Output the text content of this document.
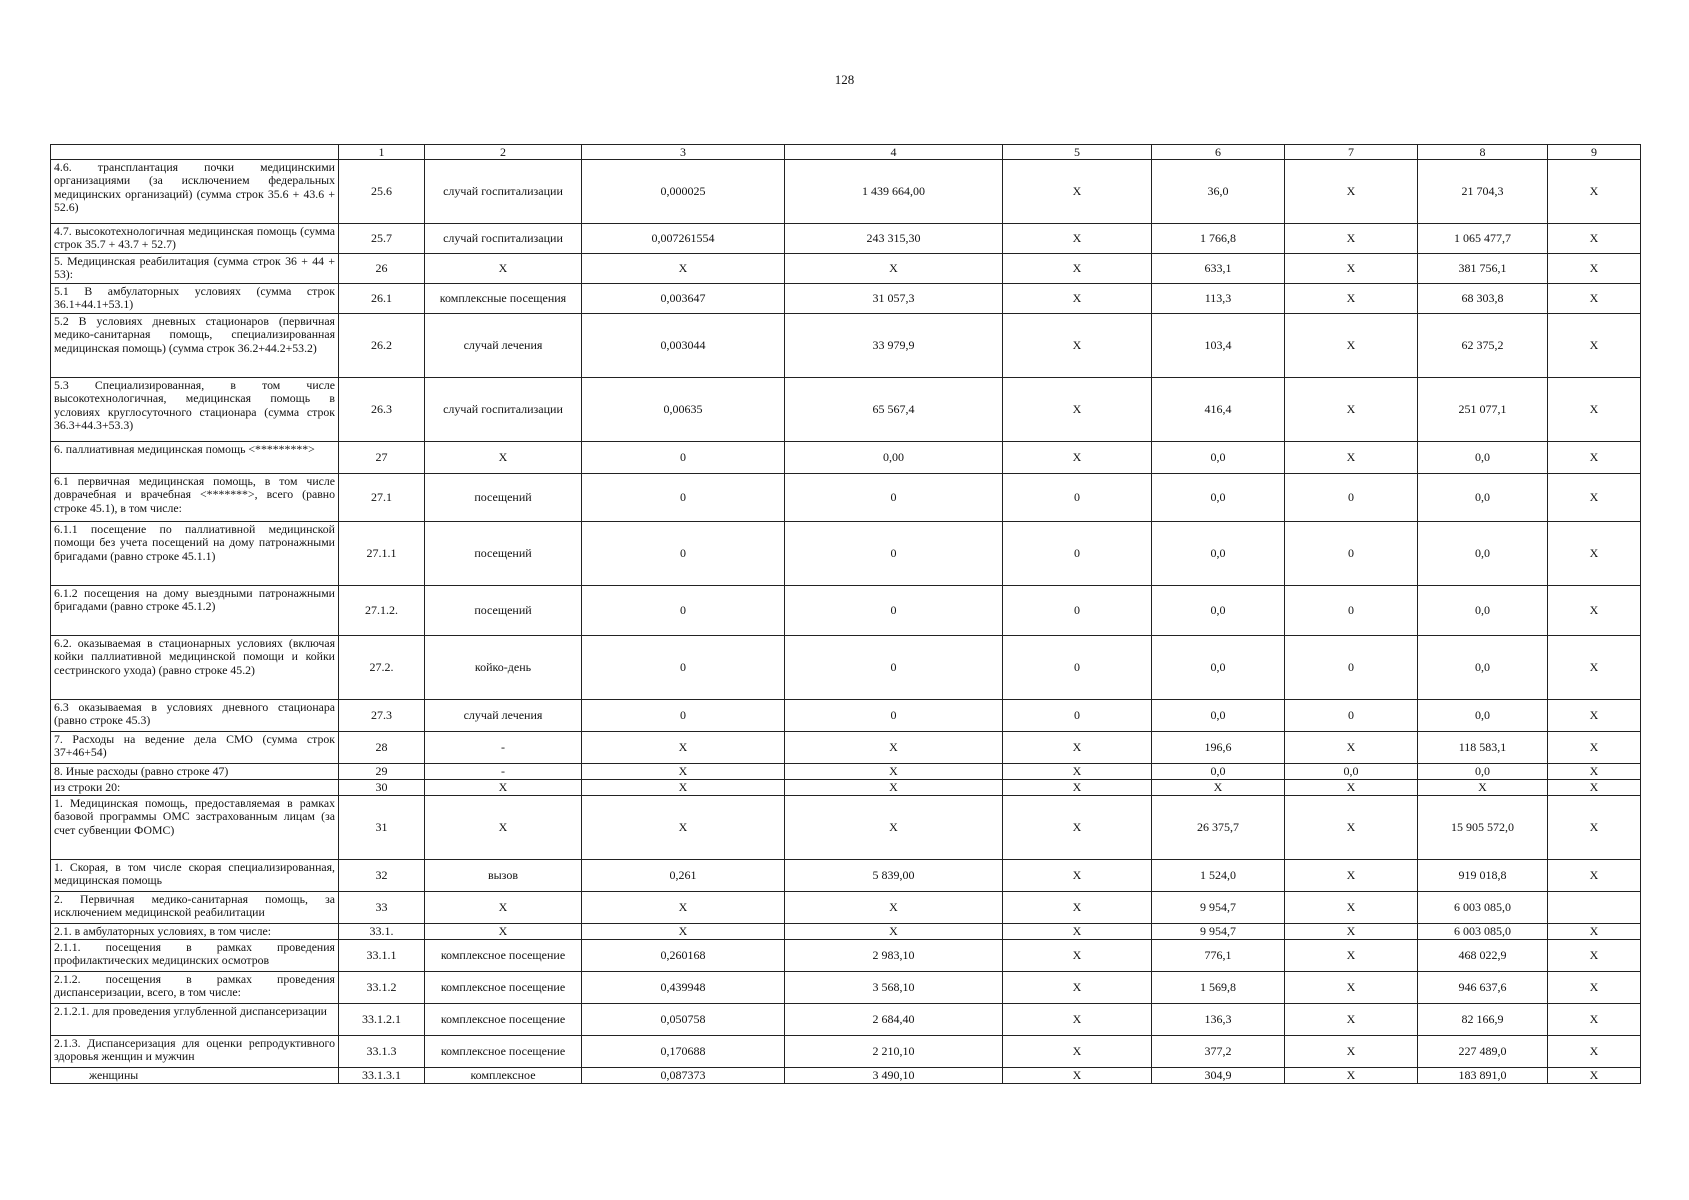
128
	1	2	3	4	5	6	7	8	9
4.6. трансплантация почки медицинскими организациями (за исключением федеральных медицинских организаций) (сумма строк 35.6 + 43.6 + 52.6)	25.6	случай госпитализации	0,000025	1 439 664,00	X	36,0	X	21 704,3	X
4.7. высокотехнологичная медицинская помощь (сумма строк 35.7 + 43.7 + 52.7)	25.7	случай госпитализации	0,007261554	243 315,30	X	1 766,8	X	1 065 477,7	X
5. Медицинская реабилитация (сумма строк 36 + 44 + 53):	26	X	X	X	X	633,1	X	381 756,1	X
5.1 В амбулаторных условиях (сумма строк 36.1+44.1+53.1)	26.1	комплексные посещения	0,003647	31 057,3	X	113,3	X	68 303,8	X
5.2 В условиях дневных стационаров (первичная медико-санитарная помощь, специализированная медицинская помощь) (сумма строк 36.2+44.2+53.2)	26.2	случай лечения	0,003044	33 979,9	X	103,4	X	62 375,2	X
5.3 Специализированная, в том числе высокотехнологичная, медицинская помощь в условиях круглосуточного стационара (сумма строк 36.3+44.3+53.3)	26.3	случай госпитализации	0,00635	65 567,4	X	416,4	X	251 077,1	X
6. паллиативная медицинская помощь <*********>	27	X	0	0,00	X	0,0	X	0,0	X
6.1 первичная медицинская помощь, в том числе доврачебная и врачебная <*******>, всего (равно строке 45.1), в том числе:	27.1	посещений	0	0	0	0,0	0	0,0	X
6.1.1 посещение по паллиативной медицинской помощи без учета посещений на дому патронажными бригадами (равно строке 45.1.1)	27.1.1	посещений	0	0	0	0,0	0	0,0	X
6.1.2 посещения на дому выездными патронажными бригадами (равно строке 45.1.2)	27.1.2.	посещений	0	0	0	0,0	0	0,0	X
6.2. оказываемая в стационарных условиях (включая койки паллиативной медицинской помощи и койки сестринского ухода) (равно строке 45.2)	27.2.	койко-день	0	0	0	0,0	0	0,0	X
6.3 оказываемая в условиях дневного стационара (равно строке 45.3)	27.3	случай лечения	0	0	0	0,0	0	0,0	X
7. Расходы на ведение дела СМО (сумма строк 37+46+54)	28	-	X	X	X	196,6	X	118 583,1	X
8. Иные расходы (равно строке 47)	29	-	X	X	X	0,0	0,0	0,0	X
из строки 20:	30	X	X	X	X	X	X	X	X
1. Медицинская помощь, предоставляемая в рамках базовой программы ОМС застрахованным лицам (за счет субвенции ФОМС)	31	X	X	X	X	26 375,7	X	15 905 572,0	X
1. Скорая, в том числе скорая специализированная, медицинская помощь	32	вызов	0,261	5 839,00	X	1 524,0	X	919 018,8	X
2. Первичная медико-санитарная помощь, за исключением медицинской реабилитации	33	X	X	X	X	9 954,7	X	6 003 085,0	
2.1. в амбулаторных условиях, в том числе:	33.1.	X	X	X	X	9 954,7	X	6 003 085,0	X
2.1.1. посещения в рамках проведения профилактических медицинских осмотров	33.1.1	комплексное посещение	0,260168	2 983,10	X	776,1	X	468 022,9	X
2.1.2. посещения в рамках проведения диспансеризации, всего, в том числе:	33.1.2	комплексное посещение	0,439948	3 568,10	X	1 569,8	X	946 637,6	X
2.1.2.1. для проведения углубленной диспансеризации	33.1.2.1	комплексное посещение	0,050758	2 684,40	X	136,3	X	82 166,9	X
2.1.3. Диспансеризация для оценки репродуктивного здоровья женщин и мужчин	33.1.3	комплексное посещение	0,170688	2 210,10	X	377,2	X	227 489,0	X
женщины	33.1.3.1	комплексное	0,087373	3 490,10	X	304,9	X	183 891,0	X
